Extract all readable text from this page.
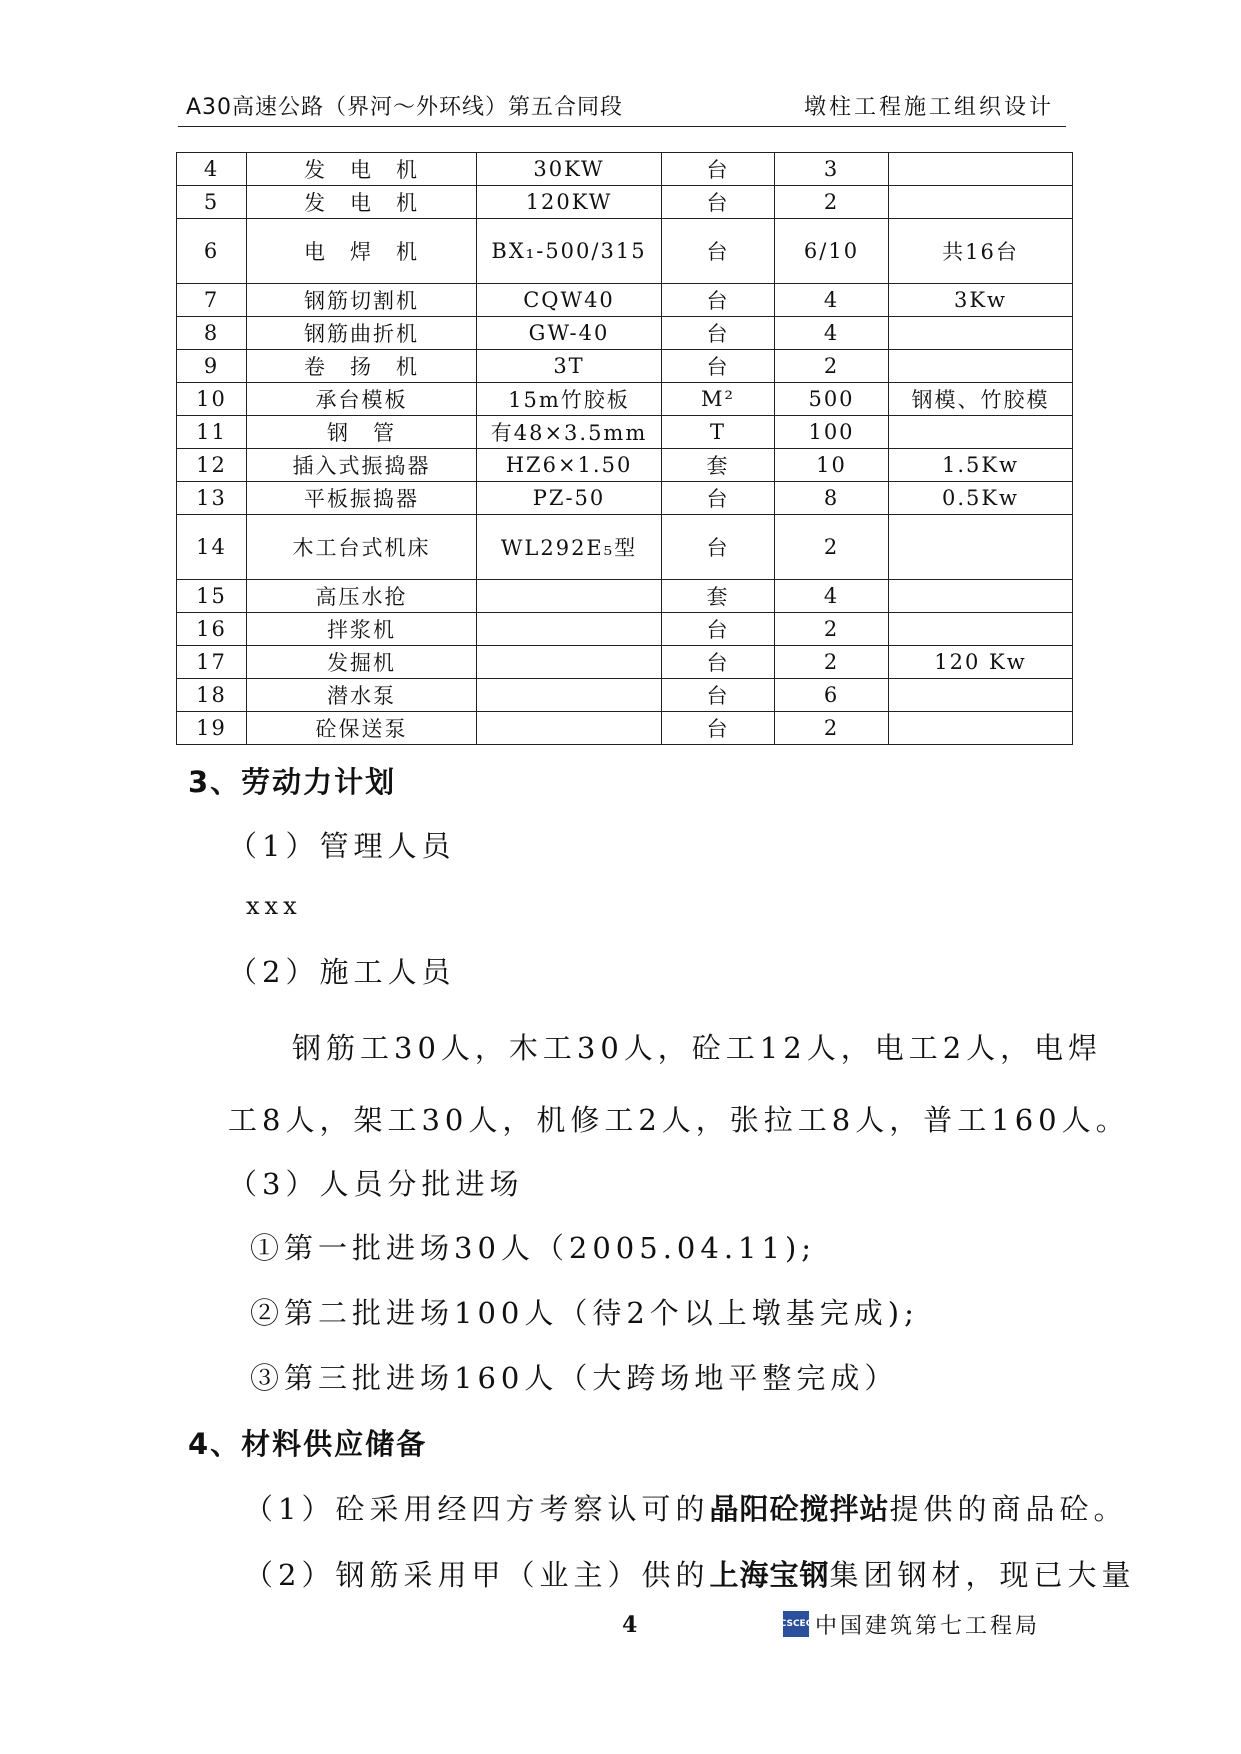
A30高速公路（界河～外环线）第五合同段	墩柱工程施工组织设计
4	发　电　机	30KW	台	3	
5	发　电　机	120KW	台	2	
6	电　焊　机	BX₁-500/315	台	6/10	共16台
7	钢筋切割机	CQW40	台	4	3Kw
8	钢筋曲折机	GW-40	台	4	
9	卷　扬　机	3T	台	2	
10	承台模板	15m竹胶板	M²	500	钢模、竹胶模
11	钢　管	有48×3.5mm	T	100	
12	插入式振捣器	HZ6×1.50	套	10	1.5Kw
13	平板振捣器	PZ-50	台	8	0.5Kw
14	木工台式机床	WL292E₅型	台	2	
15	高压水抢		套	4	
16	拌浆机		台	2	
17	发掘机		台	2	120 Kw
18	潜水泵		台	6	
19	砼保送泵		台	2	
3、劳动力计划
（1）管理人员
xxx
（2）施工人员
钢筋工30人，木工30人，砼工12人，电工2人，电焊
工8人，架工30人，机修工2人，张拉工8人，普工160人。
（3）人员分批进场
①第一批进场30人（2005.04.11);
②第二批进场100人（待2个以上墩基完成);
③第三批进场160人（大跨场地平整完成）
4、材料供应储备
（1）砼采用经四方考察认可的晶阳砼搅拌站提供的商品砼。
（2）钢筋采用甲（业主）供的上海宝钢集团钢材，现已大量
4	CSCEC 中国建筑第七工程局
